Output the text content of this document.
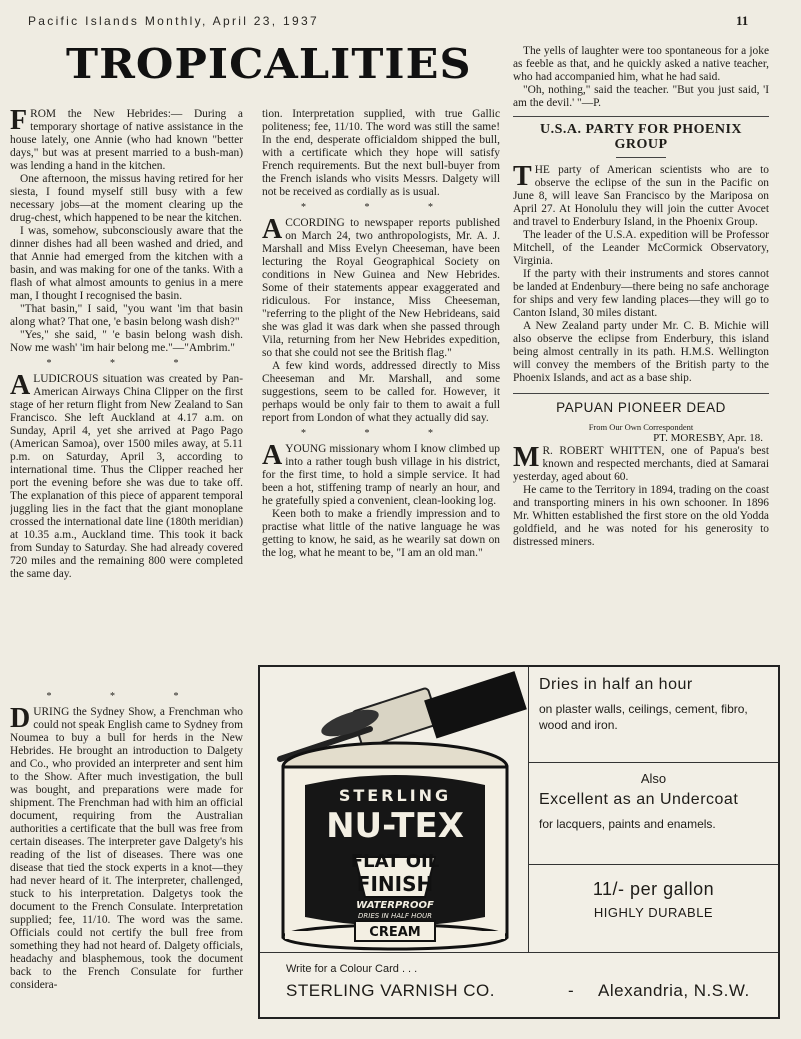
Pacific Islands Monthly, April 23, 1937	11
TROPICALITIES

FROM the New Hebrides:— During a temporary shortage of native assistance in the house lately, one Annie (who had known "better days," but was at present married to a bush-man) was lending a hand in the kitchen.

One afternoon, the missus having retired for her siesta, I found myself still busy with a few necessary jobs—at the moment clearing up the drug-chest, which happened to be near the kitchen.

I was, somehow, subconsciously aware that the dinner dishes had all been washed and dried, and that Annie had emerged from the kitchen with a basin, and was making for one of the tanks. With a flash of what almost amounts to genius in a mere man, I thought I recognised the basin.

"That basin," I said, "you want 'im that basin along what? That one, 'e basin belong wash dish?"

"Yes," she said, " 'e basin belong wash dish. Now me wash' 'im hair belong me."—"Ambrim."

* * *

A LUDICROUS situation was created by Pan-American Airways China Clipper on the first stage of her return flight from New Zealand to San Francisco. She left Auckland at 4.17 a.m. on Sunday, April 4, yet she arrived at Pago Pago (American Samoa), over 1500 miles away, at 5.11 p.m. on Saturday, April 3, according to international time. Thus the Clipper reached her port the evening before she was due to take off. The explanation of this piece of apparent temporal juggling lies in the fact that the giant monoplane crossed the international date line (180th meridian) at 10.35 a.m., Auckland time. This took it back from Sunday to Saturday. She had already covered 720 miles and the remaining 800 were completed the same day.

* * *

DURING the Sydney Show, a Frenchman who could not speak English came to Sydney from Noumea to buy a bull for herds in the New Hebrides. He brought an introduction to Dalgety and Co., who provided an interpreter and sent him to the Show. After much investigation, the bull was bought, and preparations were made for shipment. The Frenchman had with him an official document, requiring from the Australian authorities a certificate that the bull was free from certain diseases. The interpreter gave Dalgety's his reading of the list of diseases. There was one disease that tied the stock experts in a knot—they had never heard of it. The interpreter, challenged, stuck to his interpretation. Dalgetys took the document to the French Consulate. Interpretation supplied; fee, 11/10. The word was the same. Officials could not certify the bull free from something they had not heard of. Dalgety officials, headachy and blasphemous, took the document back to the French Consulate for further considera-

tion. Interpretation supplied, with true Gallic politeness; fee, 11/10. The word was still the same! In the end, desperate officialdom shipped the bull, with a certificate which they hope will satisfy French requirements. But the next bull-buyer from the French islands who visits Messrs. Dalgety will not be received as cordially as is usual.

* * *

ACCORDING to newspaper reports published on March 24, two anthropologists, Mr. A. J. Marshall and Miss Evelyn Cheeseman, have been lecturing the Royal Geographical Society on conditions in New Guinea and New Hebrides. Some of their statements appear exaggerated and ridiculous. For instance, Miss Cheeseman, "referring to the plight of the New Hebrideans, said she was glad it was dark when she passed through Vila, returning from her New Hebrides expedition, so that she could not see the British flag."

A few kind words, addressed directly to Miss Cheeseman and Mr. Marshall, and some suggestions, seem to be called for. However, it perhaps would be only fair to them to await a full report from London of what they actually did say.

* * *

A YOUNG missionary whom I know climbed up into a rather tough bush village in his district, for the first time, to hold a simple service. It had been a hot, stiffening tramp of nearly an hour, and he gratefully spied a convenient, clean-looking log.

Keen both to make a friendly impression and to practise what little of the native language he was getting to know, he said, as he wearily sat down on the log, what he meant to be, "I am an old man."

The yells of laughter were too spontaneous for a joke as feeble as that, and he quickly asked a native teacher, who had accompanied him, what he had said.

"Oh, nothing," said the teacher. "But you just said, 'I am the devil.' "—P.

U.S.A. PARTY FOR PHOENIX GROUP

THE party of American scientists who are to observe the eclipse of the sun in the Pacific on June 8, will leave San Francisco by the Mariposa on April 27. At Honolulu they will join the cutter Avocet and travel to Enderbury Island, in the Phoenix Group.

The leader of the U.S.A. expedition will be Professor Mitchell, of the Leander McCormick Observatory, Virginia.

If the party with their instruments and stores cannot be landed at Endenbury—there being no safe anchorage for ships and very few landing places—they will go to Canton Island, 30 miles distant.

A New Zealand party under Mr. C. B. Michie will also observe the eclipse from Enderbury, this island being almost centrally in its path. H.M.S. Wellington will convey the members of the British party to the Phoenix Islands, and act as a base ship.

PAPUAN PIONEER DEAD
From Our Own Correspondent
PT. MORESBY, Apr. 18.

M R. ROBERT WHITTEN, one of Papua's best known and respected merchants, died at Samarai yesterday, aged about 60.

He came to the Territory in 1894, trading on the coast and transporting miners in his own schooner. In 1896 Mr. Whitten established the first store on the old Yodda goldfield, and he was noted for his generosity to distressed miners.

STERLING
NU-TEX
FLAT OIL
FINISH
WATERPROOF
DRIES IN HALF HOUR
CREAM
Dries in half an hour
on plaster walls, ceilings, cement, fibro, wood and iron.
Also
Excellent as an Undercoat
for lacquers, paints and enamels.
11/- per gallon
HIGHLY DURABLE
Write for a Colour Card . . .
STERLING VARNISH CO.	- Alexandria, N.S.W.
